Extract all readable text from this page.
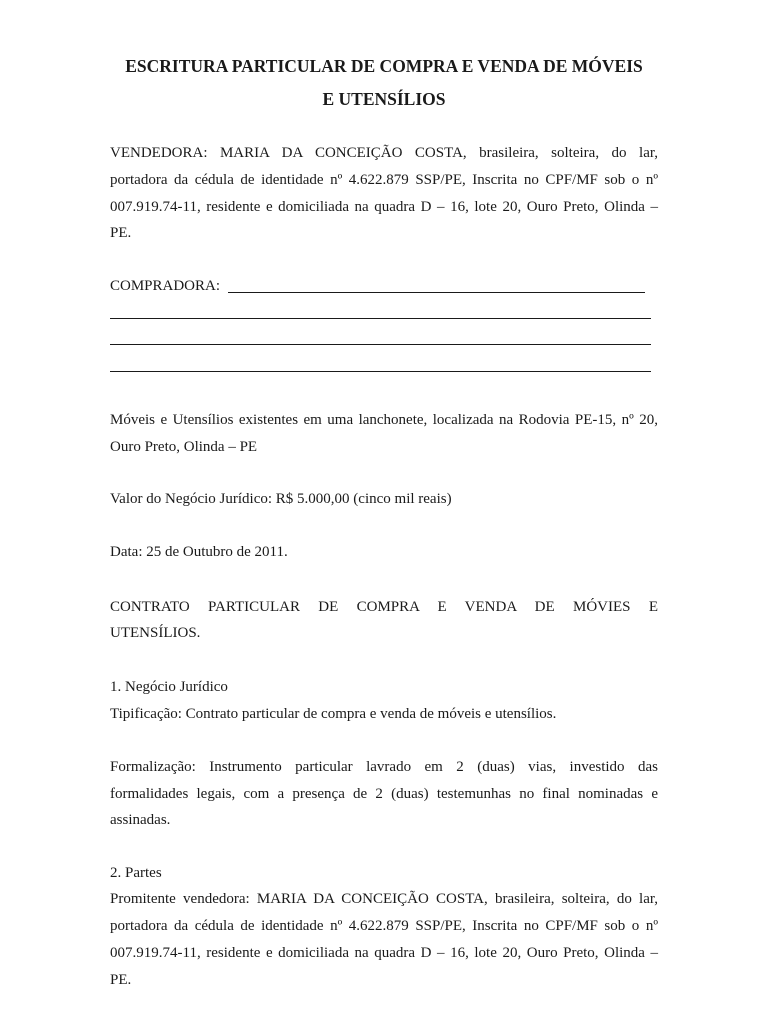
ESCRITURA PARTICULAR DE COMPRA E VENDA DE MÓVEIS
E UTENSÍLIOS
VENDEDORA: MARIA DA CONCEIÇÃO COSTA, brasileira, solteira, do lar,
portadora da cédula de identidade nº 4.622.879 SSP/PE, Inscrita no CPF/MF sob o nº
007.919.74-11, residente e domiciliada na quadra D – 16, lote 20, Ouro Preto, Olinda –
PE.
COMPRADORA:
Móveis e Utensílios existentes em uma lanchonete, localizada na Rodovia PE-15, nº 20,
Ouro Preto, Olinda – PE
Valor do Negócio Jurídico: R$ 5.000,00 (cinco mil reais)
Data: 25 de Outubro de 2011.
CONTRATO PARTICULAR DE COMPRA E VENDA DE MÓVIES E
UTENSÍLIOS.
1. Negócio Jurídico
Tipificação: Contrato particular de compra e venda de móveis e utensílios.
Formalização: Instrumento particular lavrado em 2 (duas) vias, investido das
formalidades legais, com a presença de 2 (duas) testemunhas no final nominadas e
assinadas.
2. Partes
Promitente vendedora: MARIA DA CONCEIÇÃO COSTA, brasileira, solteira, do lar,
portadora da cédula de identidade nº 4.622.879 SSP/PE, Inscrita no CPF/MF sob o nº
007.919.74-11, residente e domiciliada na quadra D – 16, lote 20, Ouro Preto, Olinda –
PE.
